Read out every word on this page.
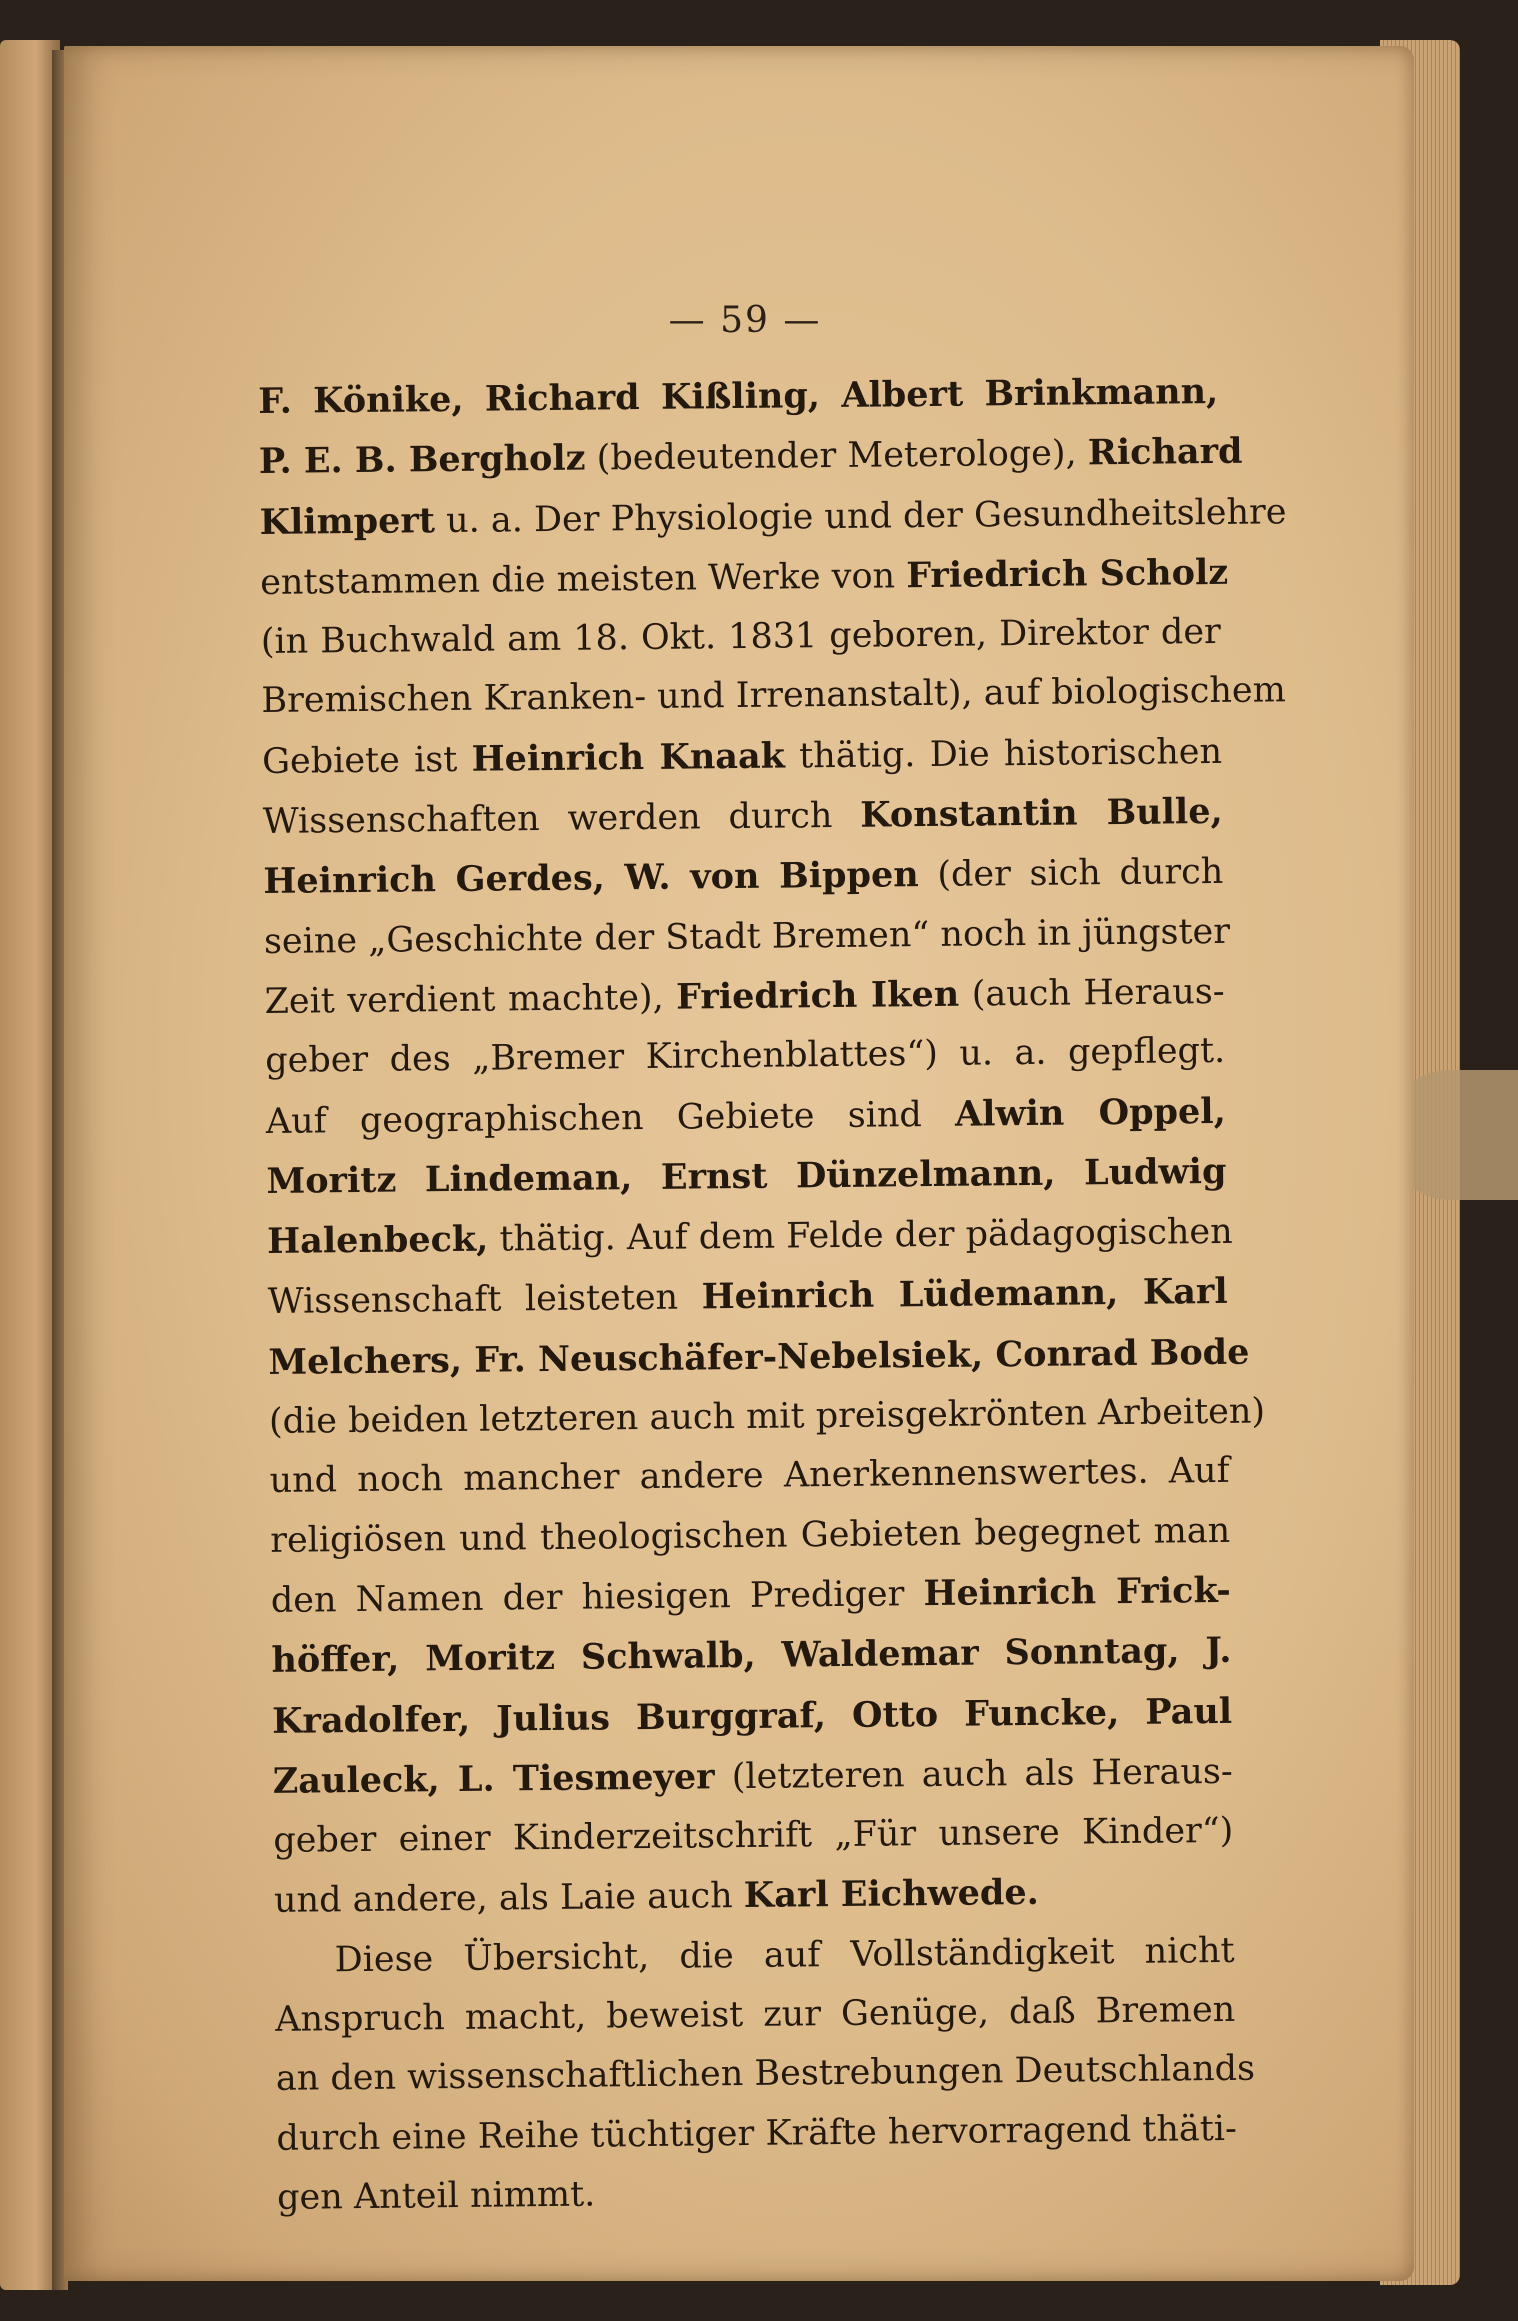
— 59 —
F. Könike, Richard Kißling, Albert Brinkmann,
P. E. B. Bergholz (bedeutender Meterologe), Richard
Klimpert u. a. Der Physiologie und der Gesundheitslehre
entstammen die meisten Werke von Friedrich Scholz
(in Buchwald am 18. Okt. 1831 geboren, Direktor der
Bremischen Kranken- und Irrenanstalt), auf biologischem
Gebiete ist Heinrich Knaak thätig. Die historischen
Wissenschaften werden durch Konstantin Bulle,
Heinrich Gerdes, W. von Bippen (der sich durch
seine „Geschichte der Stadt Bremen“ noch in jüngster
Zeit verdient machte), Friedrich Iken (auch Heraus-
geber des „Bremer Kirchenblattes“) u. a. gepflegt.
Auf geographischen Gebiete sind Alwin Oppel,
Moritz Lindeman, Ernst Dünzelmann, Ludwig
Halenbeck, thätig. Auf dem Felde der pädagogischen
Wissenschaft leisteten Heinrich Lüdemann, Karl
Melchers, Fr. Neuschäfer-Nebelsiek, Conrad Bode
(die beiden letzteren auch mit preisgekrönten Arbeiten)
und noch mancher andere Anerkennenswertes. Auf
religiösen und theologischen Gebieten begegnet man
den Namen der hiesigen Prediger Heinrich Frick-
höffer, Moritz Schwalb, Waldemar Sonntag, J.
Kradolfer, Julius Burggraf, Otto Funcke, Paul
Zauleck, L. Tiesmeyer (letzteren auch als Heraus-
geber einer Kinderzeitschrift „Für unsere Kinder“)
und andere, als Laie auch Karl Eichwede.
Diese Übersicht, die auf Vollständigkeit nicht
Anspruch macht, beweist zur Genüge, daß Bremen
an den wissenschaftlichen Bestrebungen Deutschlands
durch eine Reihe tüchtiger Kräfte hervorragend thäti-
gen Anteil nimmt.
